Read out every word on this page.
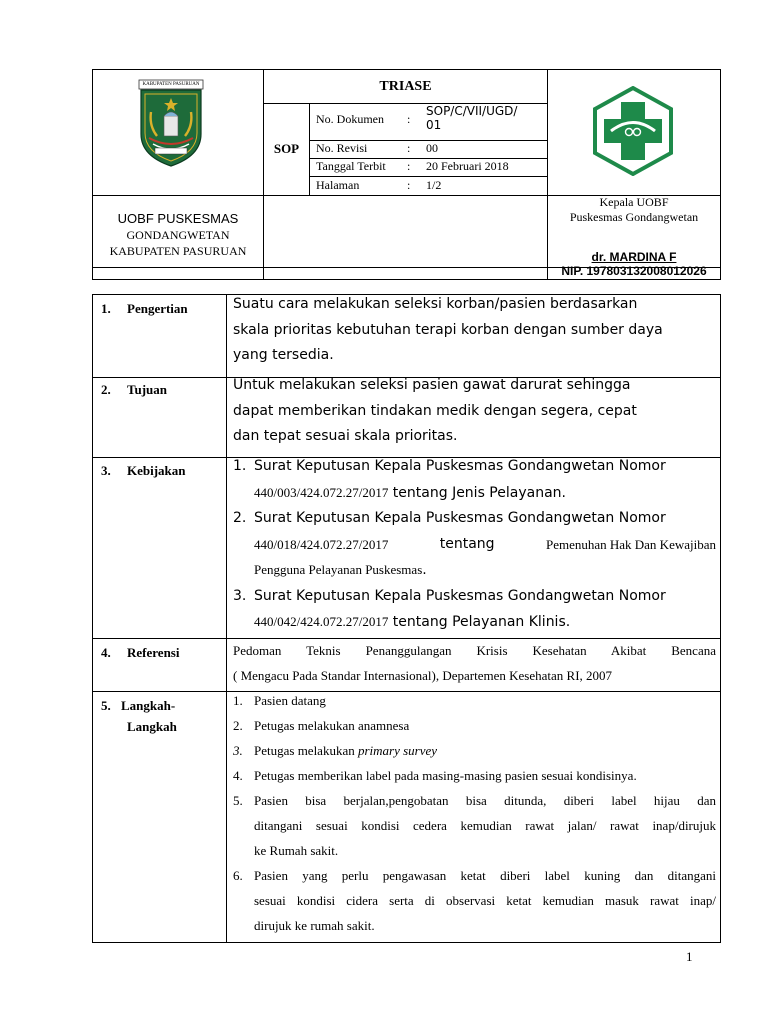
KABUPATEN PASURUAN	TRIASE
SOP
No. Dokumen :
SOP/C/VII/UGD/ 01
No. Revisi	: 00
Tanggal Terbit : 20 Februari 2018
Halaman	: 1/2
UOBF PUSKESMAS
GONDANGWETAN
KABUPATEN PASURUAN
Kepala UOBF
Puskesmas Gondangwetan
dr. MARDINA F
NIP. 197803132008012026
1. Pengertian	Suatu cara melakukan seleksi korban/pasien berdasarkan
skala prioritas kebutuhan terapi korban dengan sumber daya
yang tersedia.
2. Tujuan	Untuk melakukan seleksi pasien gawat darurat sehingga
dapat memberikan tindakan medik dengan segera, cepat
dan tepat sesuai skala prioritas.
3. Kebijakan	1. Surat Keputusan Kepala Puskesmas Gondangwetan Nomor
440/003/424.072.27/2017 tentang Jenis Pelayanan.
2. Surat Keputusan Kepala Puskesmas Gondangwetan Nomor
440/018/424.072.27/2017	tentang	Pemenuhan Hak Dan Kewajiban
Pengguna Pelayanan Puskesmas.
3. Surat Keputusan Kepala Puskesmas Gondangwetan Nomor
440/042/424.072.27/2017 tentang Pelayanan Klinis.
4. Referensi	Pedoman Teknis Penanggulangan Krisis Kesehatan Akibat Bencana
( Mengacu Pada Standar Internasional), Departemen Kesehatan RI, 2007
5. Langkah-
Langkah
1. Pasien datang
2. Petugas melakukan anamnesa
3. Petugas melakukan primary survey
4. Petugas memberikan label pada masing-masing pasien sesuai kondisinya.
5. Pasien bisa berjalan,pengobatan bisa ditunda, diberi label hijau dan
ditangani sesuai kondisi cedera kemudian rawat jalan/ rawat inap/dirujuk
ke Rumah sakit.
6. Pasien yang perlu pengawasan ketat diberi label kuning dan ditangani
sesuai kondisi cidera serta di observasi ketat kemudian masuk rawat inap/
dirujuk ke rumah sakit.
1
